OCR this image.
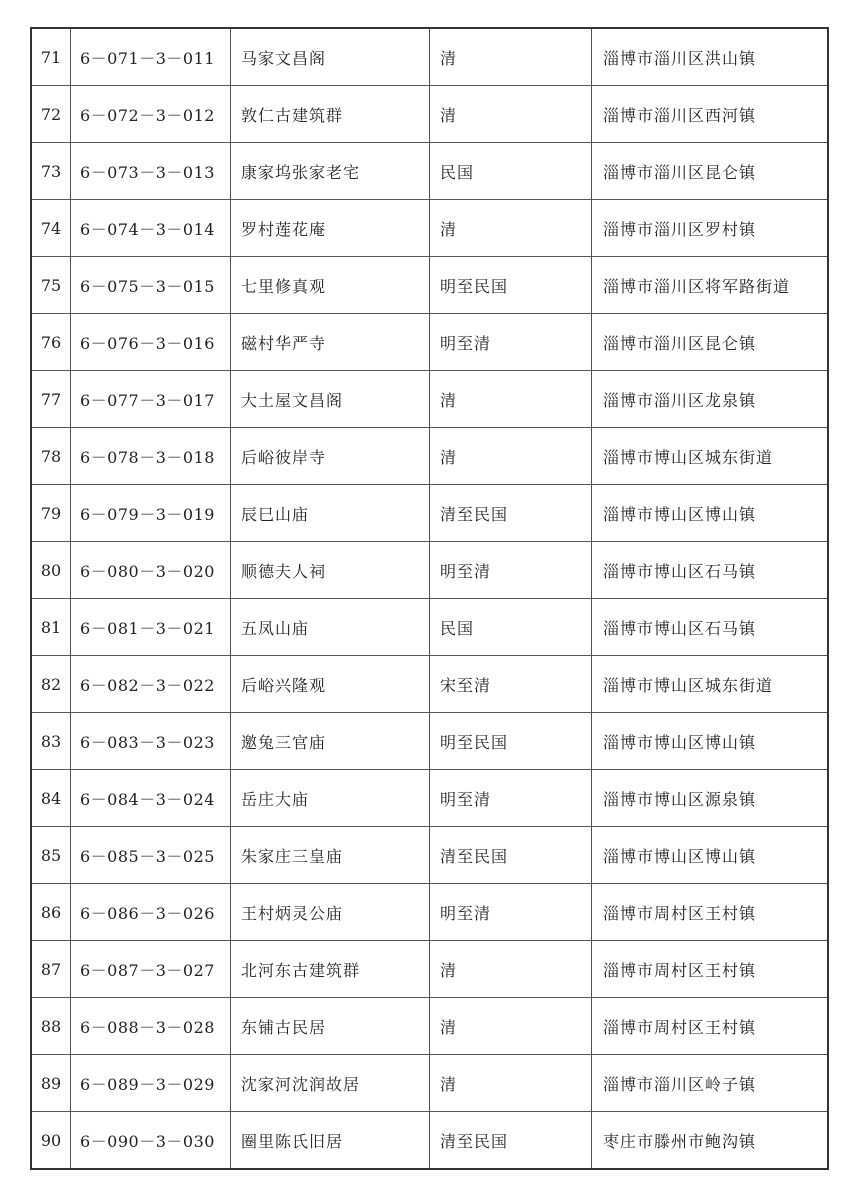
71	6－071－3－011	马家文昌阁	清	淄博市淄川区洪山镇
72	6－072－3－012	敦仁古建筑群	清	淄博市淄川区西河镇
73	6－073－3－013	康家坞张家老宅	民国	淄博市淄川区昆仑镇
74	6－074－3－014	罗村莲花庵	清	淄博市淄川区罗村镇
75	6－075－3－015	七里修真观	明至民国	淄博市淄川区将军路街道
76	6－076－3－016	磁村华严寺	明至清	淄博市淄川区昆仑镇
77	6－077－3－017	大土屋文昌阁	清	淄博市淄川区龙泉镇
78	6－078－3－018	后峪彼岸寺	清	淄博市博山区城东街道
79	6－079－3－019	辰巳山庙	清至民国	淄博市博山区博山镇
80	6－080－3－020	顺德夫人祠	明至清	淄博市博山区石马镇
81	6－081－3－021	五凤山庙	民国	淄博市博山区石马镇
82	6－082－3－022	后峪兴隆观	宋至清	淄博市博山区城东街道
83	6－083－3－023	邀兔三官庙	明至民国	淄博市博山区博山镇
84	6－084－3－024	岳庄大庙	明至清	淄博市博山区源泉镇
85	6－085－3－025	朱家庄三皇庙	清至民国	淄博市博山区博山镇
86	6－086－3－026	王村炳灵公庙	明至清	淄博市周村区王村镇
87	6－087－3－027	北河东古建筑群	清	淄博市周村区王村镇
88	6－088－3－028	东铺古民居	清	淄博市周村区王村镇
89	6－089－3－029	沈家河沈润故居	清	淄博市淄川区岭子镇
90	6－090－3－030	圈里陈氏旧居	清至民国	枣庄市滕州市鲍沟镇
